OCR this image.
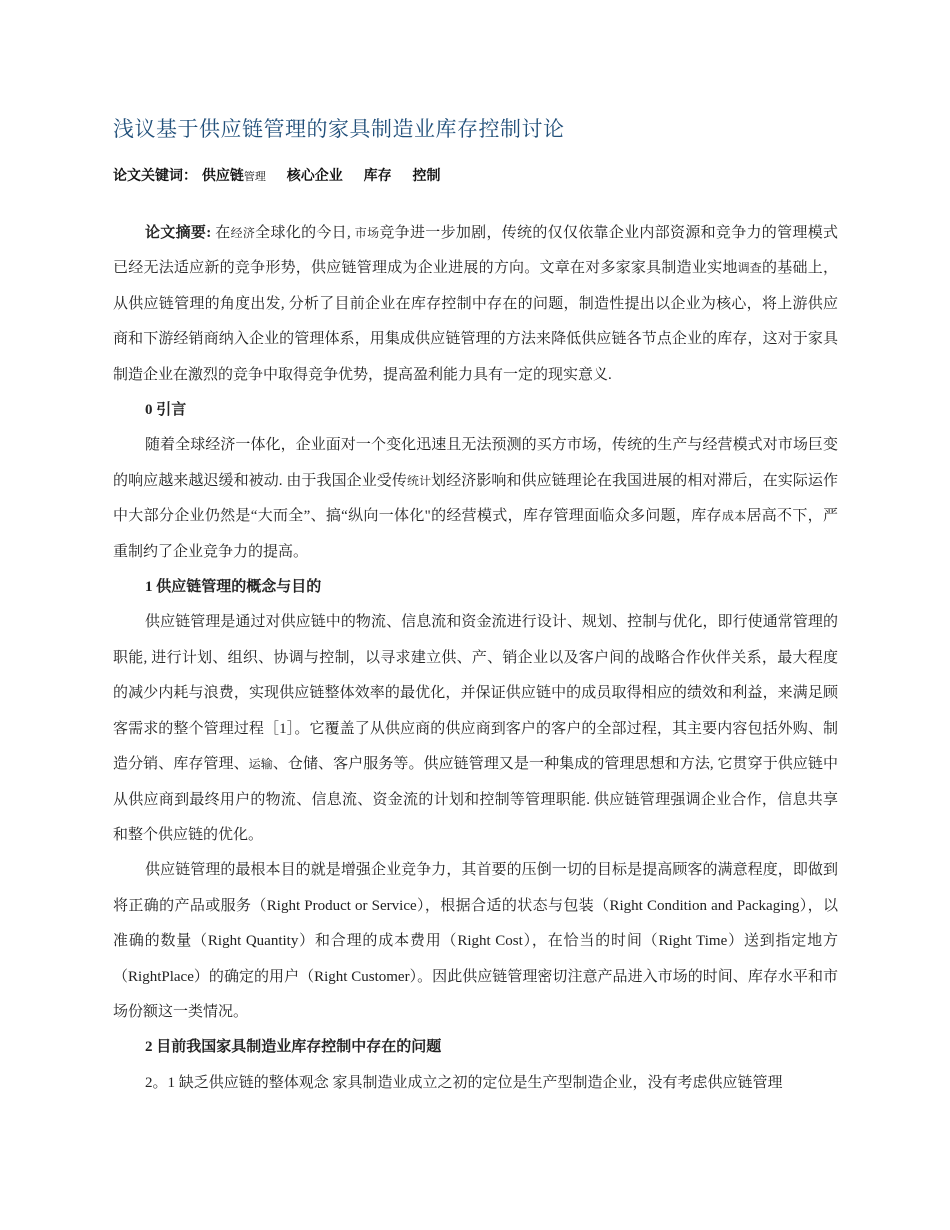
浅议基于供应链管理的家具制造业库存控制讨论
论文关键词： 供应链管理 核心企业 库存 控制

论文摘要: 在经济全球化的今日, 市场竞争进一步加剧，传统的仅仅依靠企业内部资源和竞争力的管理模式已经无法适应新的竞争形势，供应链管理成为企业进展的方向。文章在对多家家具制造业实地调查的基础上，从供应链管理的角度出发, 分析了目前企业在库存控制中存在的问题，制造性提出以企业为核心，将上游供应商和下游经销商纳入企业的管理体系，用集成供应链管理的方法来降低供应链各节点企业的库存，这对于家具制造企业在激烈的竞争中取得竞争优势，提高盈利能力具有一定的现实意义.

0 引言

随着全球经济一体化，企业面对一个变化迅速且无法预测的买方市场，传统的生产与经营模式对市场巨变的响应越来越迟缓和被动. 由于我国企业受传统计划经济影响和供应链理论在我国进展的相对滞后，在实际运作中大部分企业仍然是“大而全”、搞“纵向一体化"的经营模式，库存管理面临众多问题，库存成本居高不下，严重制约了企业竞争力的提高。

1 供应链管理的概念与目的

供应链管理是通过对供应链中的物流、信息流和资金流进行设计、规划、控制与优化，即行使通常管理的职能, 进行计划、组织、协调与控制，以寻求建立供、产、销企业以及客户间的战略合作伙伴关系，最大程度的减少内耗与浪费，实现供应链整体效率的最优化，并保证供应链中的成员取得相应的绩效和利益，来满足顾客需求的整个管理过程［1］。它覆盖了从供应商的供应商到客户的客户的全部过程，其主要内容包括外购、制造分销、库存管理、运输、仓储、客户服务等。供应链管理又是一种集成的管理思想和方法, 它贯穿于供应链中从供应商到最终用户的物流、信息流、资金流的计划和控制等管理职能. 供应链管理强调企业合作，信息共享和整个供应链的优化。

供应链管理的最根本目的就是增强企业竞争力，其首要的压倒一切的目标是提高顾客的满意程度，即做到将正确的产品或服务（Right Product or Service），根据合适的状态与包装（Right Condition and Packaging），以准确的数量（Right Quantity）和合理的成本费用（Right Cost），在恰当的时间（Right Time）送到指定地方（RightPlace）的确定的用户（Right Customer）。因此供应链管理密切注意产品进入市场的时间、库存水平和市场份额这一类情况。

2 目前我国家具制造业库存控制中存在的问题

2。1 缺乏供应链的整体观念 家具制造业成立之初的定位是生产型制造企业，没有考虑供应链管理
